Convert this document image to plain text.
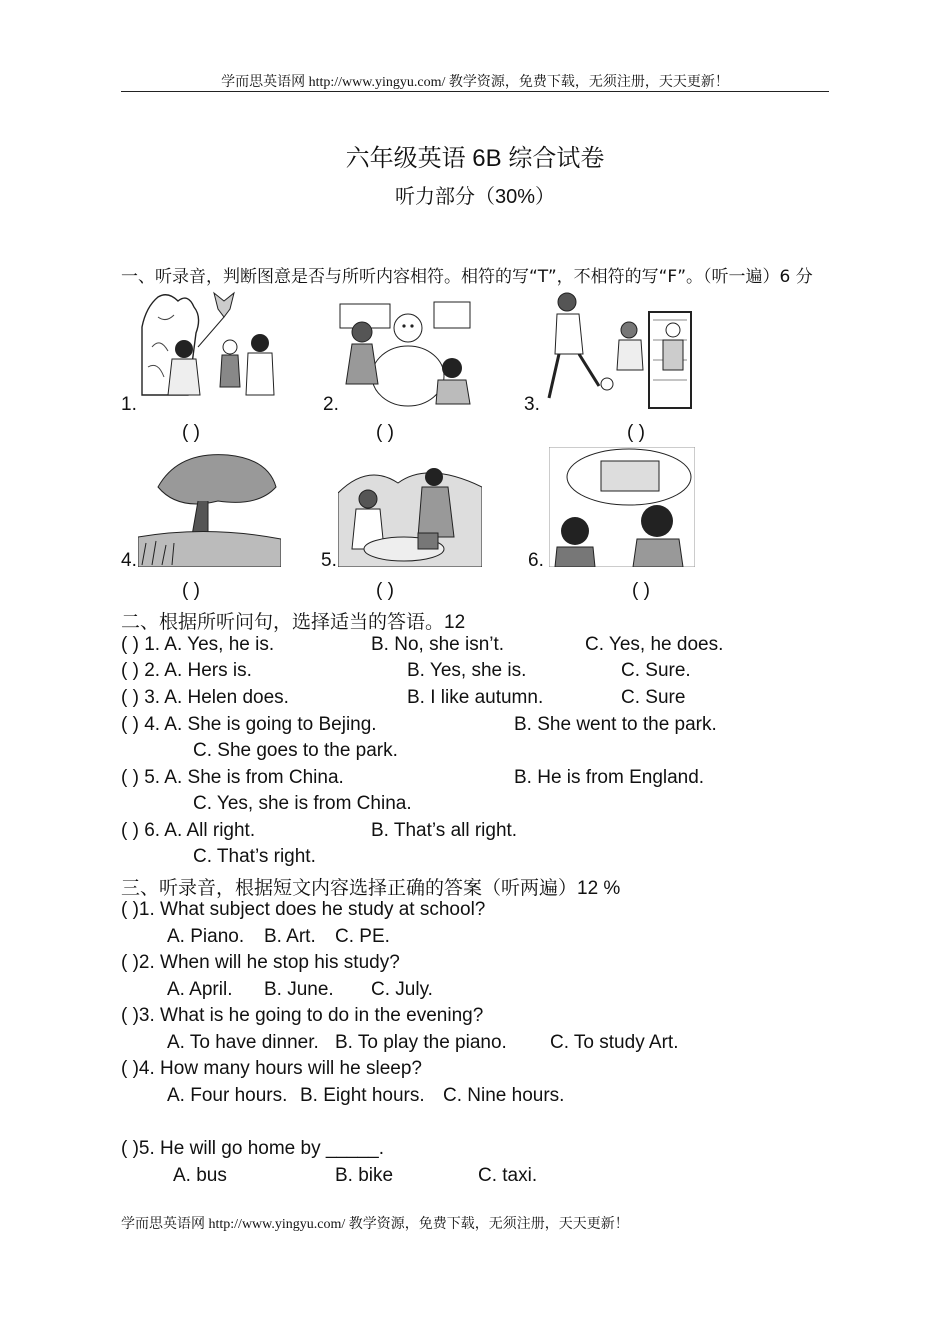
学而思英语网 http://www.yingyu.com/ 教学资源，免费下载，无须注册，天天更新！
六年级英语 6B 综合试卷
听力部分（30%）
一、听录音，判断图意是否与所听内容相符。相符的写“T”，不相符的写“F”。（听一遍）6 分
1.	2.	3.
( )	( )	( )
4.	5.	6.
( )	( )	( )
二、根据所听问句，选择适当的答语。12
( ) 1. A. Yes, he is.	B. No, she isn’t.	C. Yes, he does.
( ) 2. A. Hers is.	B. Yes, she is.	C. Sure.
( ) 3. A. Helen does.	B. I like autumn.	C. Sure
( ) 4. A. She is going to Bejing.	B. She went to the park.
C. She goes to the park.
( ) 5. A. She is from China.	B. He is from England.
C. Yes, she is from China.
( ) 6. A. All right.	B. That’s all right.
C. That’s right.
三、听录音，根据短文内容选择正确的答案（听两遍）12 %
( )1. What subject does he study at school?
A. Piano. B. Art. C. PE.
( )2. When will he stop his study?
A. April. B. June. C. July.
( )3. What is he going to do in the evening?
A. To have dinner. B. To play the piano. C. To study Art.
( )4. How many hours will he sleep?
A. Four hours. B. Eight hours. C. Nine hours.
( )5. He will go home by _____.
A. bus	B. bike	C. taxi.
学而思英语网 http://www.yingyu.com/ 教学资源，免费下载，无须注册，天天更新！
